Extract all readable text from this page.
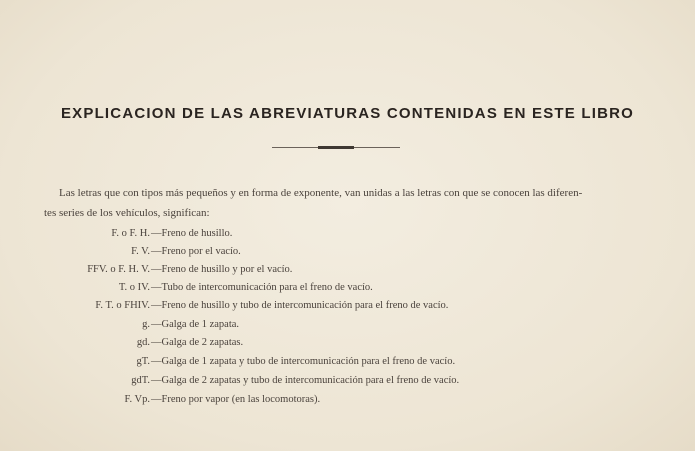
EXPLICACION DE LAS ABREVIATURAS CONTENIDAS EN ESTE LIBRO
Las letras que con tipos más pequeños y en forma de exponente, van unidas a las letras con que se conocen las diferen-
tes series de los vehículos, significan:
F. o F. H. —Freno de husillo.
F. V. —Freno por el vacío.
FFV. o F. H. V. —Freno de husillo y por el vacío.
T. o IV. —Tubo de intercomunicación para el freno de vacío.
F. T. o FHIV. —Freno de husillo y tubo de intercomunicación para el freno de vacío.
g. —Galga de 1 zapata.
gd. —Galga de 2 zapatas.
gT. —Galga de 1 zapata y tubo de intercomunicación para el freno de vacío.
gdT. —Galga de 2 zapatas y tubo de intercomunicación para el freno de vacío.
F. Vp. —Freno por vapor (en las locomotoras).
